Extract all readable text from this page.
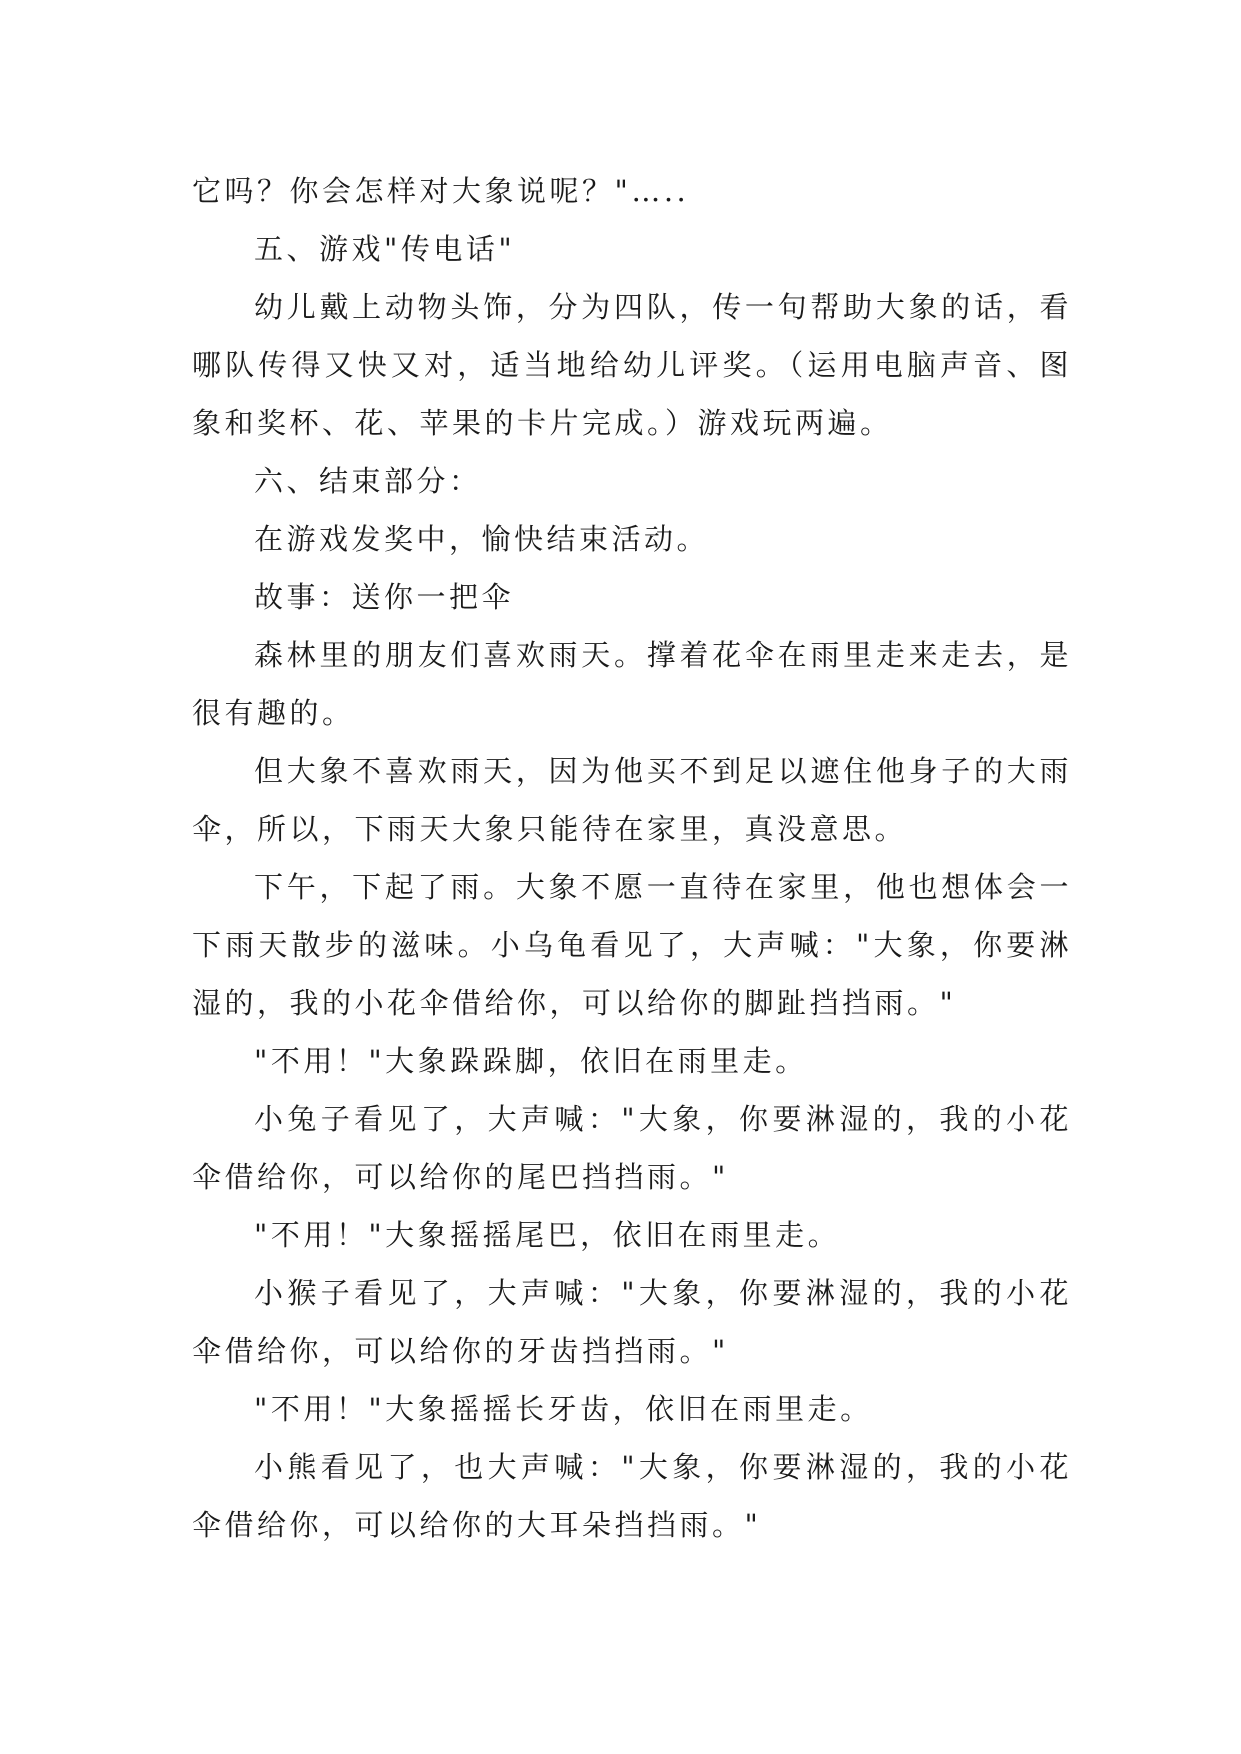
它吗？你会怎样对大象说呢？"…..

五、游戏"传电话"

幼儿戴上动物头饰，分为四队，传一句帮助大象的话，看哪队传得又快又对，适当地给幼儿评奖。（运用电脑声音、图象和奖杯、花、苹果的卡片完成。）游戏玩两遍。

六、结束部分：

在游戏发奖中，愉快结束活动。

故事：送你一把伞

森林里的朋友们喜欢雨天。撑着花伞在雨里走来走去，是很有趣的。

但大象不喜欢雨天，因为他买不到足以遮住他身子的大雨伞，所以，下雨天大象只能待在家里，真没意思。

下午，下起了雨。大象不愿一直待在家里，他也想体会一下雨天散步的滋味。小乌龟看见了，大声喊："大象，你要淋湿的，我的小花伞借给你，可以给你的脚趾挡挡雨。"

"不用！"大象跺跺脚，依旧在雨里走。

小兔子看见了，大声喊："大象，你要淋湿的，我的小花伞借给你，可以给你的尾巴挡挡雨。"

"不用！"大象摇摇尾巴，依旧在雨里走。

小猴子看见了，大声喊："大象，你要淋湿的，我的小花伞借给你，可以给你的牙齿挡挡雨。"

"不用！"大象摇摇长牙齿，依旧在雨里走。

小熊看见了，也大声喊："大象，你要淋湿的，我的小花伞借给你，可以给你的大耳朵挡挡雨。"
